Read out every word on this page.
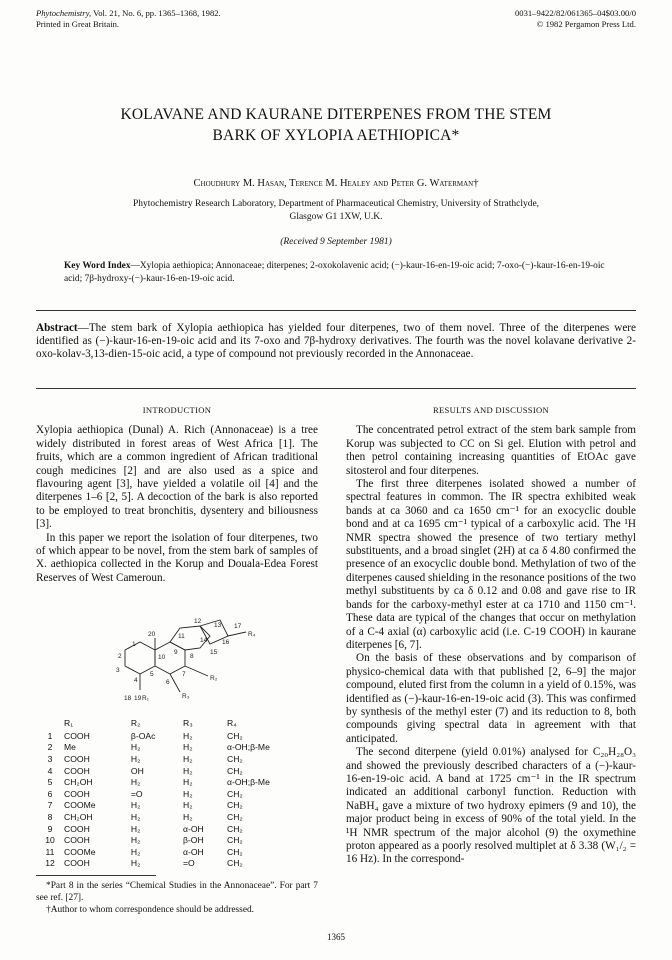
Phytochemistry, Vol. 21, No. 6, pp. 1365–1368, 1982.
Printed in Great Britain.
0031–9422/82/061365–04$03.00/0
© 1982 Pergamon Press Ltd.
KOLAVANE AND KAURANE DITERPENES FROM THE STEM
BARK OF XYLOPIA AETHIOPICA*
Choudhury M. Hasan, Terence M. Healey and Peter G. Waterman†
Phytochemistry Research Laboratory, Department of Pharmaceutical Chemistry, University of Strathclyde,
Glasgow G1 1XW, U.K.
(Received 9 September 1981)
Key Word Index—Xylopia aethiopica; Annonaceae; diterpenes; 2-oxokolavenic acid; (−)-kaur-16-en-19-oic acid; 7-oxo-(−)-kaur-16-en-19-oic acid; 7β-hydroxy-(−)-kaur-16-en-19-oic acid.
Abstract—The stem bark of Xylopia aethiopica has yielded four diterpenes, two of them novel. Three of the diterpenes were identified as (−)-kaur-16-en-19-oic acid and its 7-oxo and 7β-hydroxy derivatives. The fourth was the novel kolavane derivative 2-oxo-kolav-3,13-dien-15-oic acid, a type of compound not previously recorded in the Annonaceae.
INTRODUCTION

Xylopia aethiopica (Dunal) A. Rich (Annonaceae) is a tree widely distributed in forest areas of West Africa [1]. The fruits, which are a common ingredient of African traditional cough medicines [2] and are also used as a spice and flavouring agent [3], have yielded a volatile oil [4] and the diterpenes 1–6 [2, 5]. A decoction of the bark is also reported to be employed to treat bronchitis, dysentery and biliousness [3].

In this paper we report the isolation of four diterpenes, two of which appear to be novel, from the stem bark of samples of X. aethiopica collected in the Korup and Douala-Edea Forest Reserves of West Cameroun.

20	11
12
13 17
R₄
1
2	10
9
8
14 16
15
3
4
5
6
7
R₂
R₃
18 19 R₁
	R₁	R₂	R₃	R₄
1	COOH	β-OAc	H₂	CH₂
2	Me	H₂	H₂	α-OH;β-Me
3	COOH	H₂	H₂	CH₂
4	COOH	OH	H₂	CH₂
5	CH₂OH	H₂	H₂	α-OH;β-Me
6	COOH	=O	H₂	CH₂
7	COOMe	H₂	H₂	CH₂
8	CH₂OH	H₂	H₂	CH₂
9	COOH	H₂	α-OH	CH₂
10	COOH	H₂	β-OH	CH₂
11	COOMe	H₂	α-OH	CH₂
12	COOH	H₂	=O	CH₂

*Part 8 in the series “Chemical Studies in the Annonaceae”. For part 7 see ref. [27].

†Author to whom correspondence should be addressed.

RESULTS AND DISCUSSION

The concentrated petrol extract of the stem bark sample from Korup was subjected to CC on Si gel. Elution with petrol and then petrol containing increasing quantities of EtOAc gave sitosterol and four diterpenes.

The first three diterpenes isolated showed a number of spectral features in common. The IR spectra exhibited weak bands at ca 3060 and ca 1650 cm⁻¹ for an exocyclic double bond and at ca 1695 cm⁻¹ typical of a carboxylic acid. The ¹H NMR spectra showed the presence of two tertiary methyl substituents, and a broad singlet (2H) at ca δ 4.80 confirmed the presence of an exocyclic double bond. Methylation of two of the diterpenes caused shielding in the resonance positions of the two methyl substituents by ca δ 0.12 and 0.08 and gave rise to IR bands for the carboxy-methyl ester at ca 1710 and 1150 cm⁻¹. These data are typical of the changes that occur on methylation of a C-4 axial (α) carboxylic acid (i.e. C-19 COOH) in kaurane diterpenes [6, 7].

On the basis of these observations and by comparison of physico-chemical data with that published [2, 6–9] the major compound, eluted first from the column in a yield of 0.15%, was identified as (−)-kaur-16-en-19-oic acid (3). This was confirmed by synthesis of the methyl ester (7) and its reduction to 8, both compounds giving spectral data in agreement with that anticipated.

The second diterpene (yield 0.01%) analysed for C₂₀H₂₈O₃ and showed the previously described characters of a (−)-kaur-16-en-19-oic acid. A band at 1725 cm⁻¹ in the IR spectrum indicated an additional carbonyl function. Reduction with NaBH₄ gave a mixture of two hydroxy epimers (9 and 10), the major product being in excess of 90% of the total yield. In the ¹H NMR spectrum of the major alcohol (9) the oxymethine proton appeared as a poorly resolved multiplet at δ 3.38 (W₁/₂ = 16 Hz). In the correspond-

1365
